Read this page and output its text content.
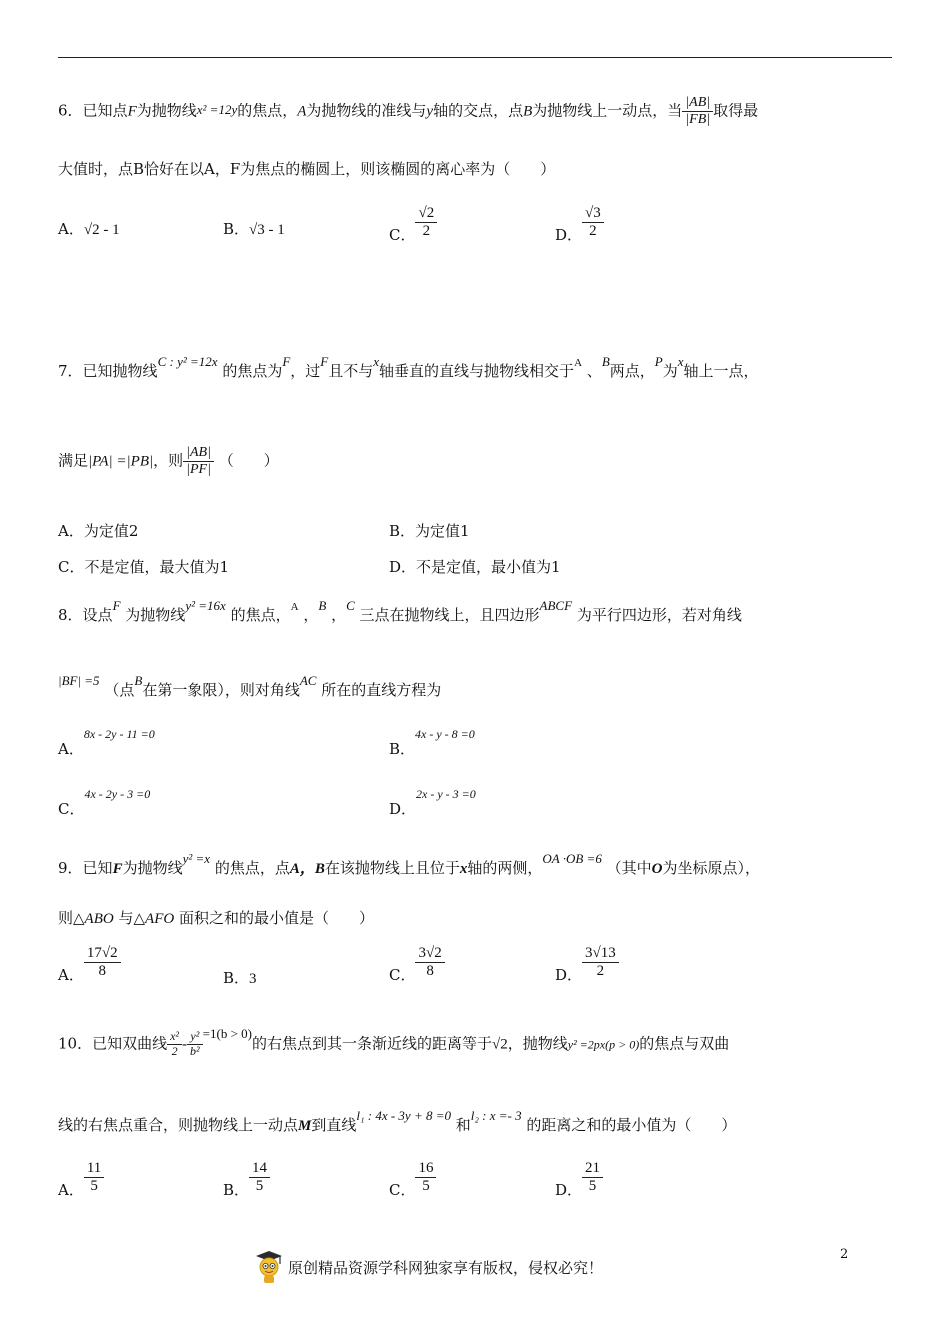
6．已知点F为抛物线x² =12y的焦点，A为抛物线的准线与y轴的交点，点B为抛物线上一动点，当 $\frac{|AB|}{|FB|}$ 取得最
大值时，点B恰好在以A，F为焦点的椭圆上，则该椭圆的离心率为（　　）
A．√2 - 1	B．√3 - 1	C． $\frac{√2}{2}$	D． $\frac{√3}{2}$
7．已知抛物线C : y² =12x 的焦点为F，过F且不与x轴垂直的直线与抛物线相交于$^A$ 、B两点，P为x轴上一点，
满足|PA| =|PB|，则 $\frac{|AB|}{|PF|}$ （　　）
A．为定值2	B．为定值1
C．不是定值，最大值为1	D．不是定值，最小值为1
8．设点F 为抛物线y² =16x 的焦点，$^A$ ，B ，C 三点在抛物线上，且四边形ABCF 为平行四边形，若对角线
|BF| =5 （点B在第一象限），则对角线AC 所在的直线方程为
A．8x - 2y - 11 =0
B．4x - y - 8 =0
C．4x - 2y - 3 =0
D．2x - y - 3 =0
9．已知F为抛物线y² =x 的焦点，点A，B在该抛物线上且位于x轴的两侧，OA ·OB =6 （其中O为坐标原点），
则△ABO 与△AFO 面积之和的最小值是（　　）
A． $\frac{17√2}{8}$	B．3	C． $\frac{3√2}{8}$	D． $\frac{3√13}{2}$
10．已知双曲线 $\frac{\text{x²}}{2} - \frac{\text{y²}}{\text{b²}} =1(b > 0)$的右焦点到其一条渐近线的距离等于√2，抛物线y² =2px(p > 0)的焦点与双曲
线的右焦点重合，则抛物线上一动点M到直线l₁ : 4x - 3y + 8 =0 和l₂ : x =- 3 的距离之和的最小值为（　　）
A． $\frac{11}{5}$	B． $\frac{14}{5}$	C． $\frac{16}{5}$	D． $\frac{21}{5}$
2
原创精品资源学科网独家享有版权，侵权必究！
